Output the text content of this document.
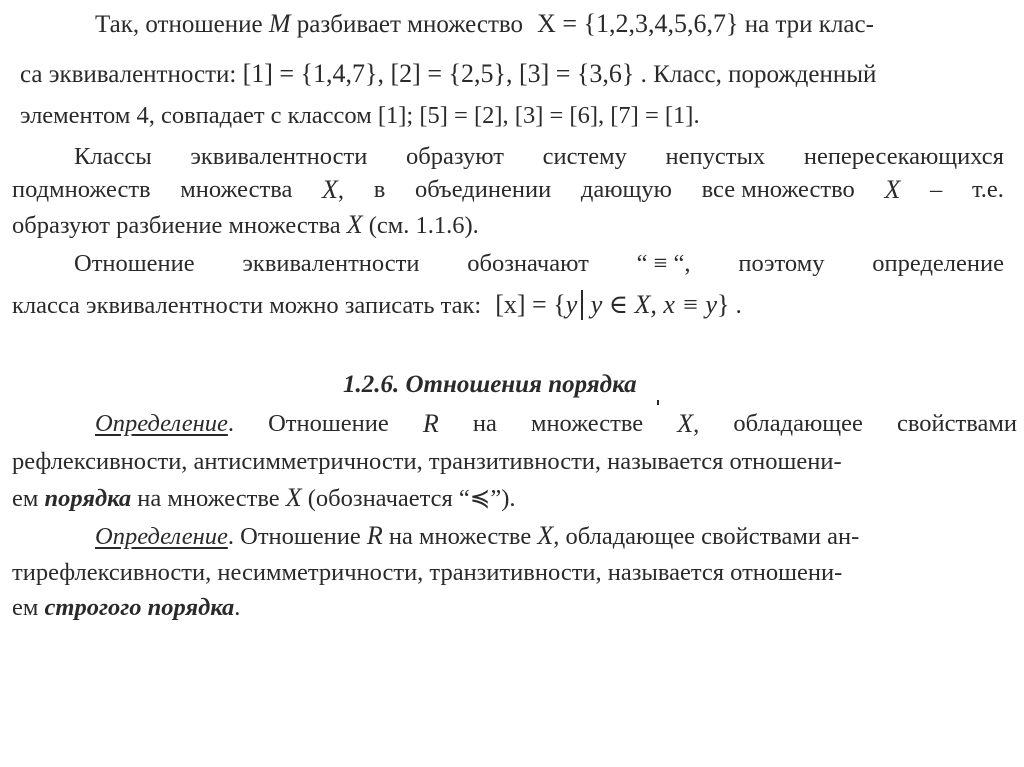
Так, отношение M разбивает множество X = {1,2,3,4,5,6,7} на три клас-
са эквивалентности: [1] = {1,4,7}, [2] = {2,5}, [3] = {3,6} . Класс, порожденный
элементом 4, совпадает с классом [1]; [5] = [2], [3] = [6], [7] = [1].
Классы эквивалентности образуют систему непустых непересекающихся
подмножеств множества X, в объединении дающую все множество X – т.е.
образуют разбиение множества X (см. 1.1.6).
Отношение эквивалентности обозначают “ ≡ “, поэтому определение
класса эквивалентности можно записать так: [x] = {y y ∈ X, x ≡ y} .
1.2.6. Отношения порядка
Определение. Отношение R на множестве X, обладающее свойствами
рефлексивности, антисимметричности, транзитивности, называется отношени-
ем порядка на множестве X (обозначается “≼”).
Определение. Отношение R на множестве X, обладающее свойствами ан-
тирефлексивности, несимметричности, транзитивности, называется отношени-
ем строгого порядка.
